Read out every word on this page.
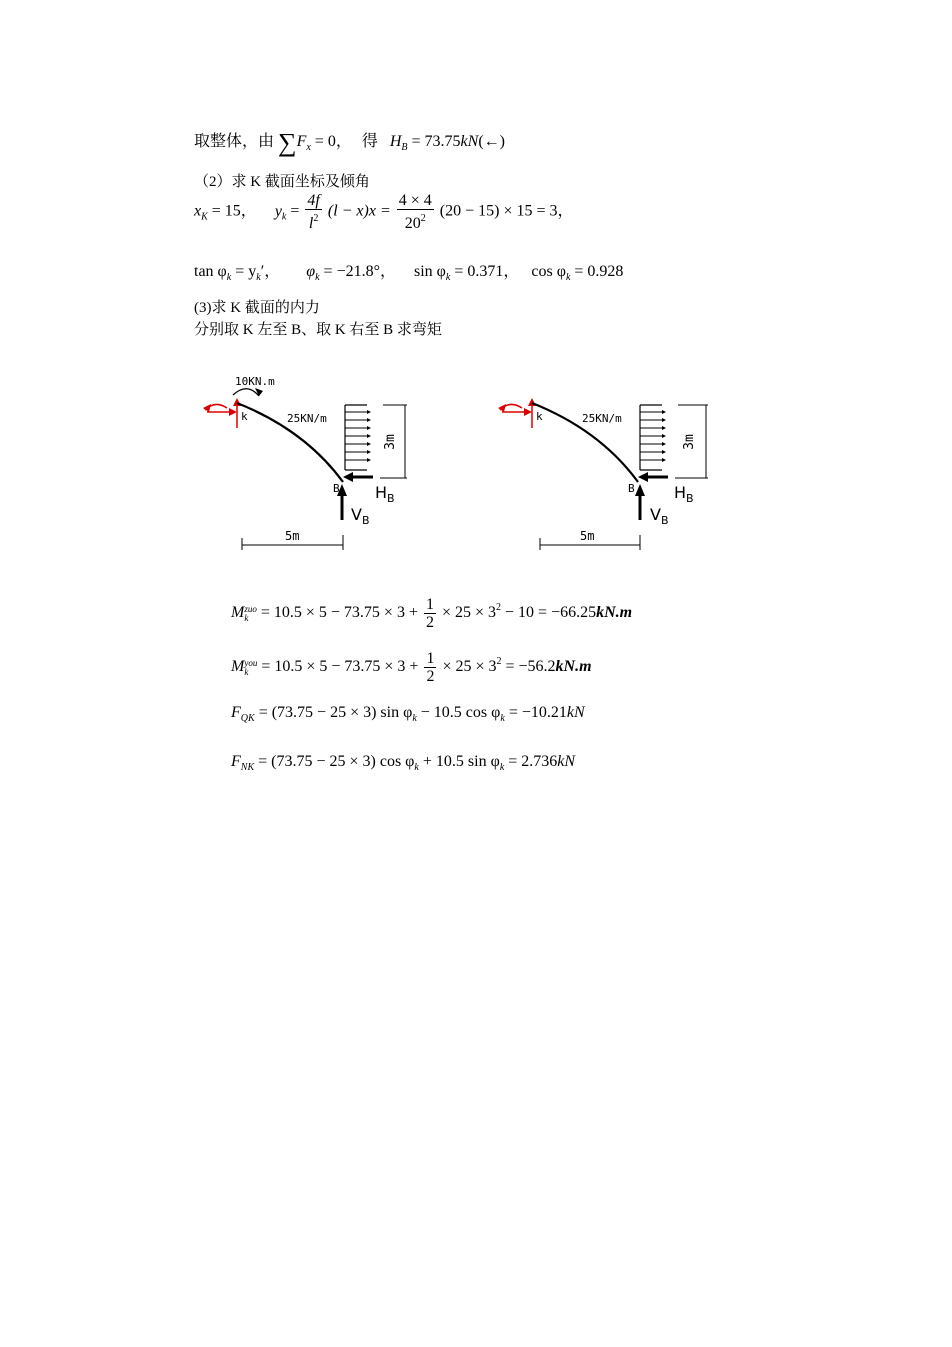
取整体，由 $\sum F_x = 0$， 得 $H_B$ = 73.75kN(←)
（2）求 K 截面坐标及倾角
$x_K = 15$， $y_k = \frac{4f}{l^2} (l - x)x = \frac{4 \times 4}{20^2} (20 - 15) \times 15 = 3$，
$\tan \varphi_k = y_k'$， $\varphi_k = -21.8^\circ$， $\sin \varphi_k = 0.371$， $\cos \varphi_k = 0.928$
(3)求 K 截面的内力
分别取 K 左至 B、取 K 右至 B 求弯矩
10KN.m
k	25KN/m
3m
B $H_B$
$V_B$
5m
k	25KN/m
3m
B $H_B$
$V_B$
5m
M zuo
$k = 10.5 \times 5 - 73.75 \times 3 + \frac{1}{2} \times 25 \times 3^2 - 10 = -66.25kN.m$
M you
$k = 10.5 \times 5 - 73.75 \times 3 + \frac{1}{2} \times 25 \times 3^2 = -56.2kN.m$
$F_{QK} = (73.75 - 25 \times 3)$ $\sin \varphi_k - 10.5$ $\cos \varphi_k = -10.21kN$
$F_{NK} = (73.75 - 25 \times 3)$ $\cos \varphi_k + 10.5$ $\sin \varphi_k = 2.736kN$
